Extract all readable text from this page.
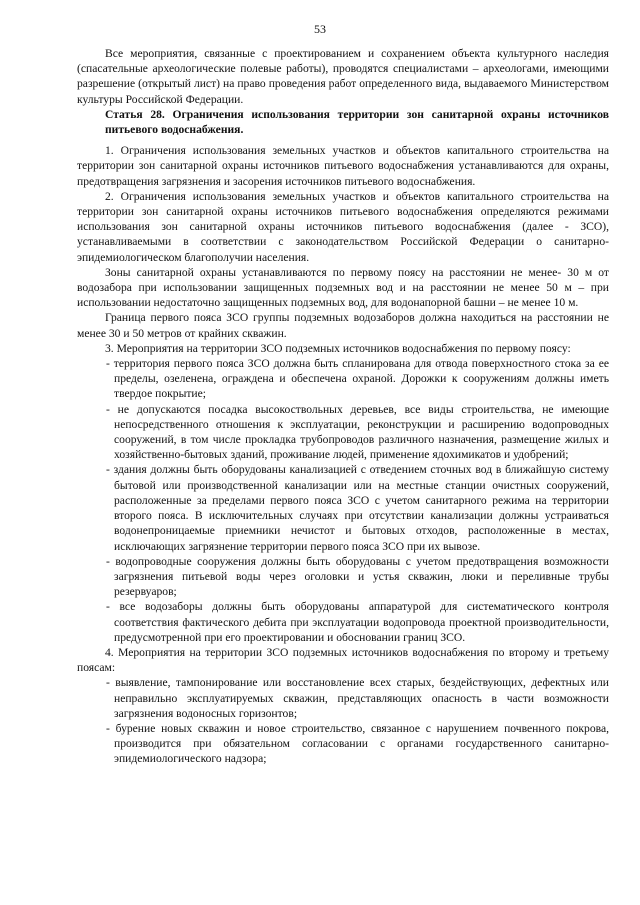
53

Все мероприятия, связанные с проектированием и сохранением объекта культурного наследия (спасательные археологические полевые работы), проводятся специалистами – археологами, имеющими разрешение (открытый лист) на право проведения работ определенного вида, выдаваемого Министерством культуры Российской Федерации.

Статья 28. Ограничения использования территории зон санитарной охраны источников питьевого водоснабжения.

1. Ограничения использования земельных участков и объектов капитального строительства на территории зон санитарной охраны источников питьевого водоснабжения устанавливаются для охраны, предотвращения загрязнения и засорения источников питьевого водоснабжения.

2. Ограничения использования земельных участков и объектов капитального строительства на территории зон санитарной охраны источников питьевого водоснабжения определяются режимами использования зон санитарной охраны источников питьевого водоснабжения (далее - ЗСО), устанавливаемыми в соответствии с законодательством Российской Федерации о санитарно-эпидемиологическом благополучии населения.

Зоны санитарной охраны устанавливаются по первому поясу на расстоянии не менее- 30 м от водозабора при использовании защищенных подземных вод и на расстоянии не менее 50 м – при использовании недостаточно защищенных подземных вод, для водонапорной башни – не менее 10 м.

Граница первого пояса ЗСО группы подземных водозаборов должна находиться на расстоянии не менее 30 и 50 метров от крайних скважин.

3. Мероприятия на территории ЗСО подземных источников водоснабжения по первому поясу:

- территория первого пояса ЗСО должна быть спланирована для отвода поверхностного стока за ее пределы, озеленена, ограждена и обеспечена охраной. Дорожки к сооружениям должны иметь твердое покрытие;

- не допускаются посадка высокоствольных деревьев, все виды строительства, не имеющие непосредственного отношения к эксплуатации, реконструкции и расширению водопроводных сооружений, в том числе прокладка трубопроводов различного назначения, размещение жилых и хозяйственно-бытовых зданий, проживание людей, применение ядохимикатов и удобрений;

- здания должны быть оборудованы канализацией с отведением сточных вод в ближайшую систему бытовой или производственной канализации или на местные станции очистных сооружений, расположенные за пределами первого пояса ЗСО с учетом санитарного режима на территории второго пояса. В исключительных случаях при отсутствии канализации должны устраиваться водонепроницаемые приемники нечистот и бытовых отходов, расположенные в местах, исключающих загрязнение территории первого пояса ЗСО при их вывозе.

- водопроводные сооружения должны быть оборудованы с учетом предотвращения возможности загрязнения питьевой воды через оголовки и устья скважин, люки и переливные трубы резервуаров;

- все водозаборы должны быть оборудованы аппаратурой для систематического контроля соответствия фактического дебита при эксплуатации водопровода проектной производительности, предусмотренной при его проектировании и обосновании границ ЗСО.

4. Мероприятия на территории ЗСО подземных источников водоснабжения по второму и третьему поясам:

- выявление, тампонирование или восстановление всех старых, бездействующих, дефектных или неправильно эксплуатируемых скважин, представляющих опасность в части возможности загрязнения водоносных горизонтов;

- бурение новых скважин и новое строительство, связанное с нарушением почвенного покрова, производится при обязательном согласовании с органами государственного санитарно-эпидемиологического надзора;
